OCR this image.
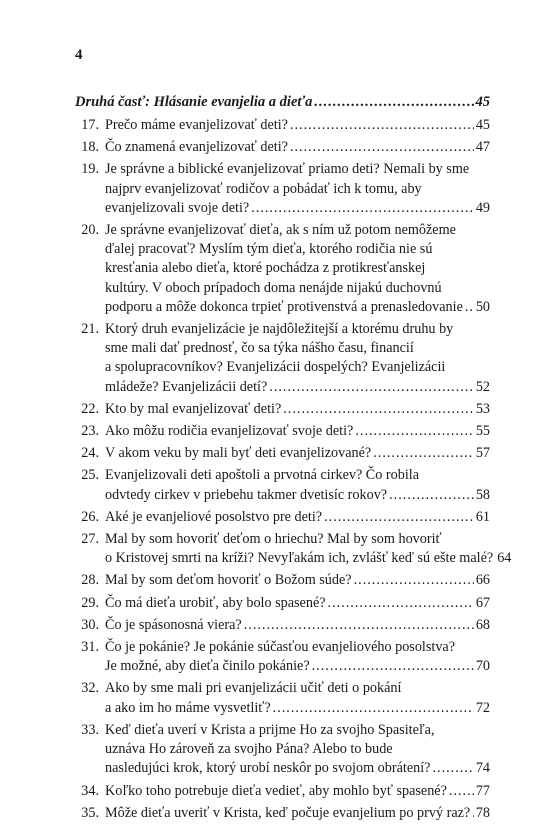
4
Druhá časť: Hlásanie evanjelia a dieťa .....	45
17. Prečo máme evanjelizovať deti? .....	45
18. Čo znamená evanjelizovať deti? .....	47
19. Je správne a biblické evanjelizovať priamo deti? Nemali by sme
najprv evanjelizovať rodičov a pobádať ich k tomu, aby
evanjelizovali svoje deti? .....	49
20. Je správne evanjelizovať dieťa, ak s ním už potom nemôžeme
ďalej pracovať? Myslím tým dieťa, ktorého rodičia nie sú
kresťania alebo dieťa, ktoré pochádza z protikresťanskej
kultúry. V oboch prípadoch doma nenájde nijakú duchovnú
podporu a môže dokonca trpieť protivenstvá a prenasledovanie ..... 50
21. Ktorý druh evanjelizácie je najdôležitejší a ktorému druhu by
sme mali dať prednosť, čo sa týka nášho času, financií
a spolupracovníkov? Evanjelizácii dospelých? Evanjelizácii
mládeže? Evanjelizácii detí? .....	52
22. Kto by mal evanjelizovať deti? .....	53
23. Ako môžu rodičia evanjelizovať svoje deti? .....	55
24. V akom veku by mali byť deti evanjelizované? .....	57
25. Evanjelizovali deti apoštoli a prvotná cirkev? Čo robila
odvtedy cirkev v priebehu takmer dvetisíc rokov? .....	58
26. Aké je evanjeliové posolstvo pre deti? .....	61
27. Mal by som hovoriť deťom o hriechu? Mal by som hovoriť
o Kristovej smrti na kríži? Nevyľakám ich, zvlášť keď sú ešte malé? 64
28. Mal by som deťom hovoriť o Božom súde? .....	66
29. Čo má dieťa urobiť, aby bolo spasené? .....	67
30. Čo je spásonosná viera? .....	68
31. Čo je pokánie? Je pokánie súčasťou evanjeliového posolstva?
Je možné, aby dieťa činilo pokánie? .....	70
32. Ako by sme mali pri evanjelizácii učiť deti o pokání
a ako im ho máme vysvetliť? .....	72
33. Keď dieťa uverí v Krista a prijme Ho za svojho Spasiteľa,
uznáva Ho zároveň za svojho Pána? Alebo to bude
nasledujúci krok, ktorý urobí neskôr po svojom obrátení? .....	74
34. Koľko toho potrebuje dieťa vedieť, aby mohlo byť spasené? ..... 77
35. Môže dieťa uveriť v Krista, keď počuje evanjelium po prvý raz? ..... 78
